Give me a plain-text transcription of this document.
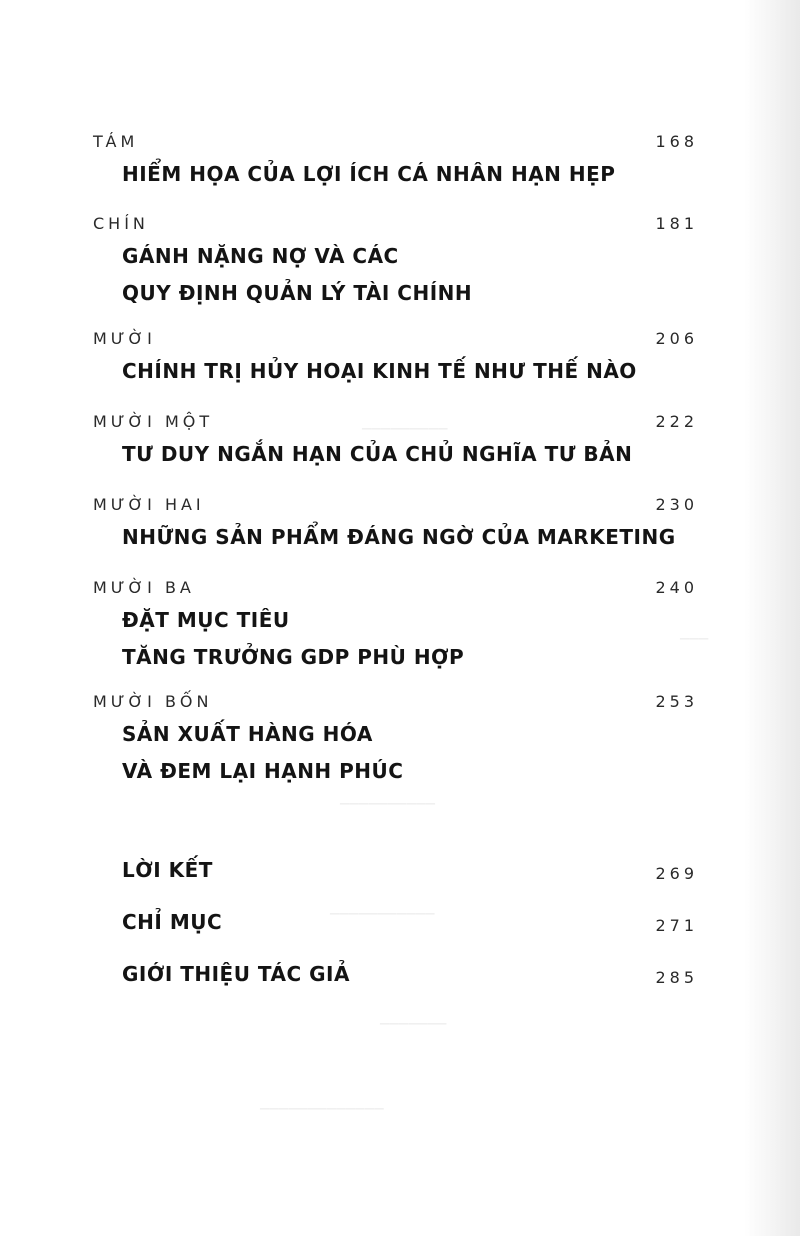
─────────
───
──────────
───────────
───────
─────────────
TÁM	168
HIỂM HỌA CỦA LỢI ÍCH CÁ NHÂN HẠN HẸP
CHÍN	181
GÁNH NẶNG NỢ VÀ CÁC
QUY ĐỊNH QUẢN LÝ TÀI CHÍNH
MƯỜI	206
CHÍNH TRỊ HỦY HOẠI KINH TẾ NHƯ THẾ NÀO
MƯỜI MỘT	222
TƯ DUY NGẮN HẠN CỦA CHỦ NGHĨA TƯ BẢN
MƯỜI HAI	230
NHỮNG SẢN PHẨM ĐÁNG NGỜ CỦA MARKETING
MƯỜI BA	240
ĐẶT MỤC TIÊU
TĂNG TRƯỞNG GDP PHÙ HỢP
MƯỜI BỐN	253
SẢN XUẤT HÀNG HÓA
VÀ ĐEM LẠI HẠNH PHÚC
LỜI KẾT	269
CHỈ MỤC	271
GIỚI THIỆU TÁC GIẢ	285
